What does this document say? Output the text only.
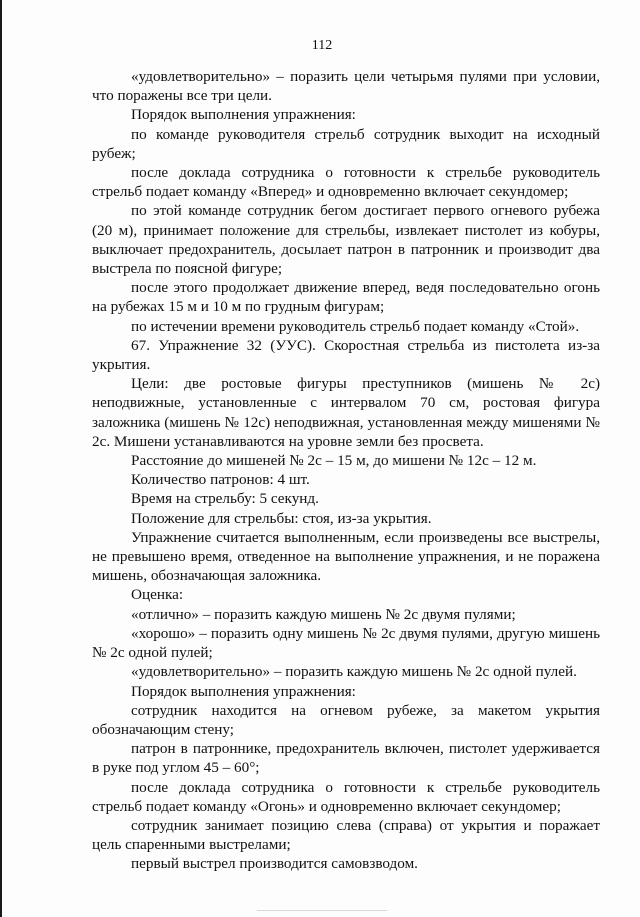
112

«удовлетворительно» – поразить цели четырьмя пулями при условии, что поражены все три цели.

Порядок выполнения упражнения:

по команде руководителя стрельб сотрудник выходит на исходный рубеж;

после доклада сотрудника о готовности к стрельбе руководитель стрельб подает команду «Вперед» и одновременно включает секундомер;

по этой команде сотрудник бегом достигает первого огневого рубежа (20 м), принимает положение для стрельбы, извлекает пистолет из кобуры, выключает предохранитель, досылает патрон в патронник и производит два выстрела по поясной фигуре;

после этого продолжает движение вперед, ведя последовательно огонь на рубежах 15 м и 10 м по грудным фигурам;

по истечении времени руководитель стрельб подает команду «Стой».

67. Упражнение 32 (УУС). Скоростная стрельба из пистолета из-за укрытия.

Цели: две ростовые фигуры преступников (мишень № 2с) неподвижные, установленные с интервалом 70 см, ростовая фигура заложника (мишень № 12с) неподвижная, установленная между мишенями № 2с. Мишени устанавливаются на уровне земли без просвета.

Расстояние до мишеней № 2с – 15 м, до мишени № 12с – 12 м.

Количество патронов: 4 шт.

Время на стрельбу: 5 секунд.

Положение для стрельбы: стоя, из-за укрытия.

Упражнение считается выполненным, если произведены все выстрелы, не превышено время, отведенное на выполнение упражнения, и не поражена мишень, обозначающая заложника.

Оценка:

«отлично» – поразить каждую мишень № 2с двумя пулями;

«хорошо» – поразить одну мишень № 2с двумя пулями, другую мишень № 2с одной пулей;

«удовлетворительно» – поразить каждую мишень № 2с одной пулей.

Порядок выполнения упражнения:

сотрудник находится на огневом рубеже, за макетом укрытия обозначающим стену;

патрон в патроннике, предохранитель включен, пистолет удерживается в руке под углом 45 – 60°;

после доклада сотрудника о готовности к стрельбе руководитель стрельб подает команду «Огонь» и одновременно включает секундомер;

сотрудник занимает позицию слева (справа) от укрытия и поражает цель спаренными выстрелами;

первый выстрел производится самовзводом.
